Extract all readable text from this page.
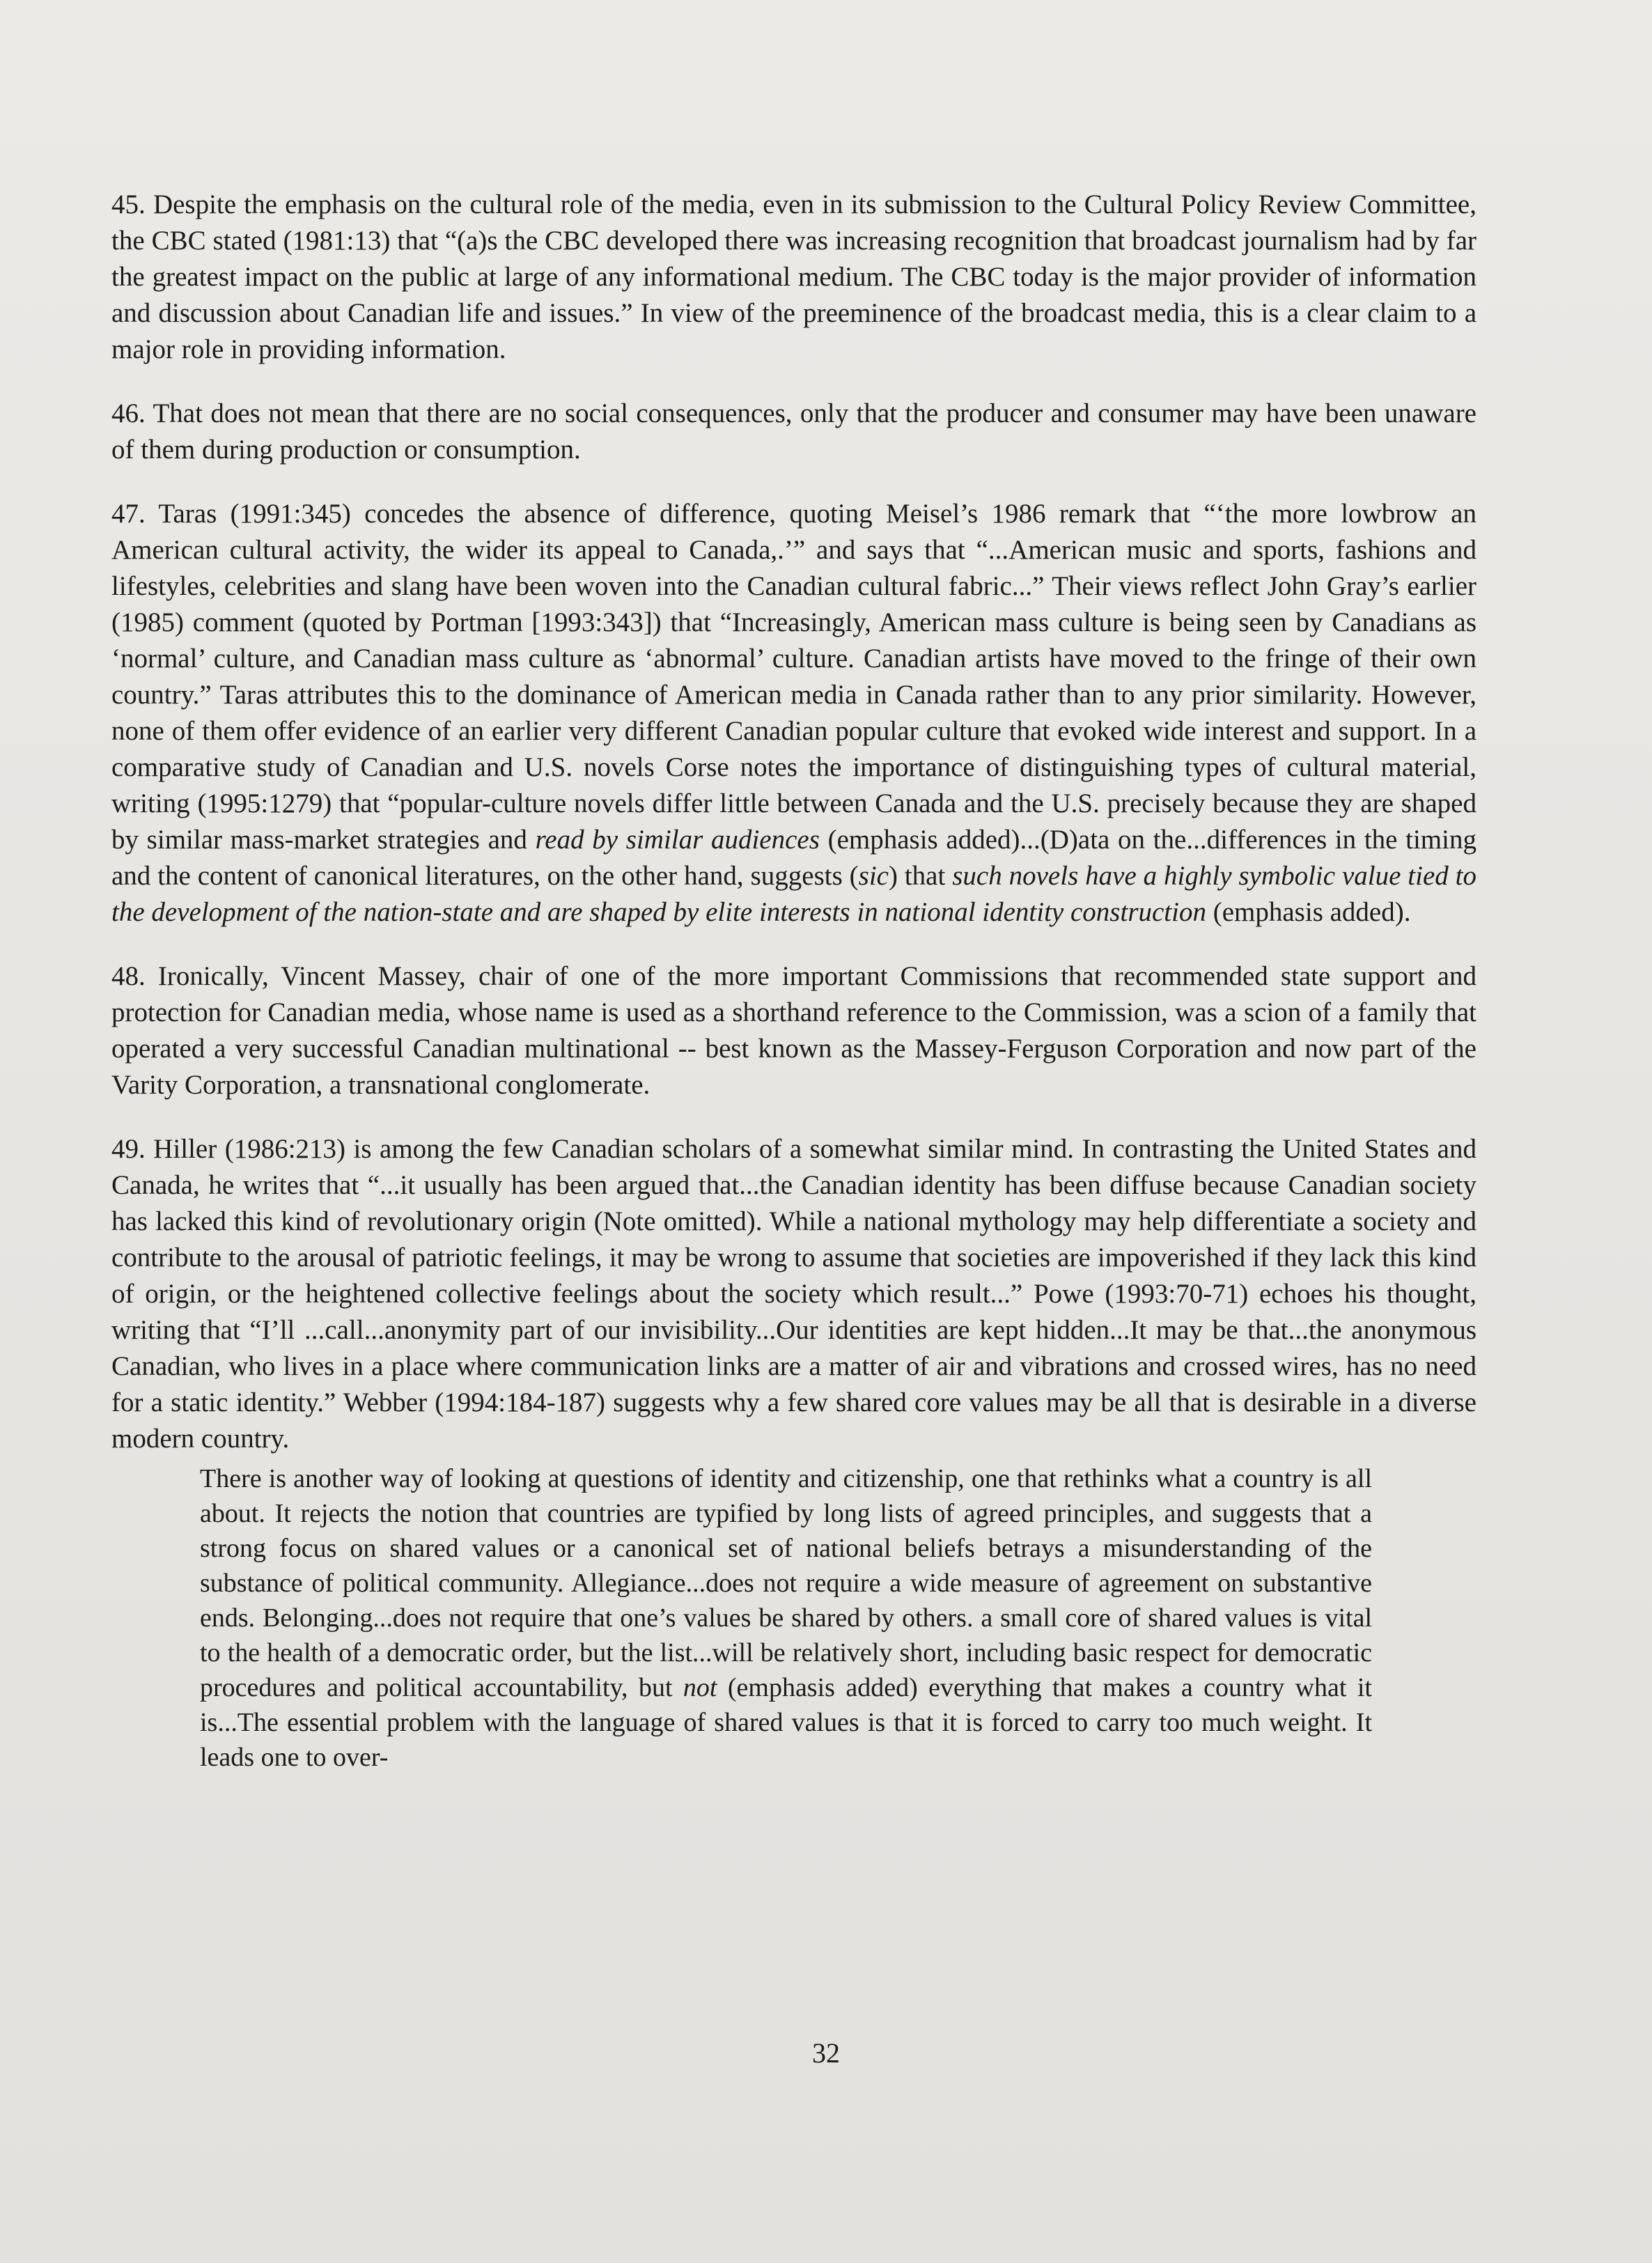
45. Despite the emphasis on the cultural role of the media, even in its submission to the Cultural Policy Review Committee, the CBC stated (1981:13) that “(a)s the CBC developed there was increasing recognition that broadcast journalism had by far the greatest impact on the public at large of any informational medium. The CBC today is the major provider of information and discussion about Canadian life and issues.” In view of the preeminence of the broadcast media, this is a clear claim to a major role in providing information.

46. That does not mean that there are no social consequences, only that the producer and consumer may have been unaware of them during production or consumption.

47. Taras (1991:345) concedes the absence of difference, quoting Meisel’s 1986 remark that “‘the more lowbrow an American cultural activity, the wider its appeal to Canada,.’” and says that “...American music and sports, fashions and lifestyles, celebrities and slang have been woven into the Canadian cultural fabric...” Their views reflect John Gray’s earlier (1985) comment (quoted by Portman [1993:343]) that “Increasingly, American mass culture is being seen by Canadians as ‘normal’ culture, and Canadian mass culture as ‘abnormal’ culture. Canadian artists have moved to the fringe of their own country.” Taras attributes this to the dominance of American media in Canada rather than to any prior similarity. However, none of them offer evidence of an earlier very different Canadian popular culture that evoked wide interest and support. In a comparative study of Canadian and U.S. novels Corse notes the importance of distinguishing types of cultural material, writing (1995:1279) that “popular-culture novels differ little between Canada and the U.S. precisely because they are shaped by similar mass-market strategies and read by similar audiences (emphasis added)...(D)ata on the...differences in the timing and the content of canonical literatures, on the other hand, suggests (sic) that such novels have a highly symbolic value tied to the development of the nation-state and are shaped by elite interests in national identity construction (emphasis added).

48. Ironically, Vincent Massey, chair of one of the more important Commissions that recommended state support and protection for Canadian media, whose name is used as a shorthand reference to the Commission, was a scion of a family that operated a very successful Canadian multinational -- best known as the Massey-Ferguson Corporation and now part of the Varity Corporation, a transnational conglomerate.

49. Hiller (1986:213) is among the few Canadian scholars of a somewhat similar mind. In contrasting the United States and Canada, he writes that “...it usually has been argued that...the Canadian identity has been diffuse because Canadian society has lacked this kind of revolutionary origin (Note omitted). While a national mythology may help differentiate a society and contribute to the arousal of patriotic feelings, it may be wrong to assume that societies are impoverished if they lack this kind of origin, or the heightened collective feelings about the society which result...” Powe (1993:70-71) echoes his thought, writing that “I’ll ...call...anonymity part of our invisibility...Our identities are kept hidden...It may be that...the anonymous Canadian, who lives in a place where communication links are a matter of air and vibrations and crossed wires, has no need for a static identity.” Webber (1994:184-187) suggests why a few shared core values may be all that is desirable in a diverse modern country.

There is another way of looking at questions of identity and citizenship, one that rethinks what a country is all about. It rejects the notion that countries are typified by long lists of agreed principles, and suggests that a strong focus on shared values or a canonical set of national beliefs betrays a misunderstanding of the substance of political community. Allegiance...does not require a wide measure of agreement on substantive ends. Belonging...does not require that one’s values be shared by others. a small core of shared values is vital to the health of a democratic order, but the list...will be relatively short, including basic respect for democratic procedures and political accountability, but not (emphasis added) everything that makes a country what it is...The essential problem with the language of shared values is that it is forced to carry too much weight. It leads one to over-
32
